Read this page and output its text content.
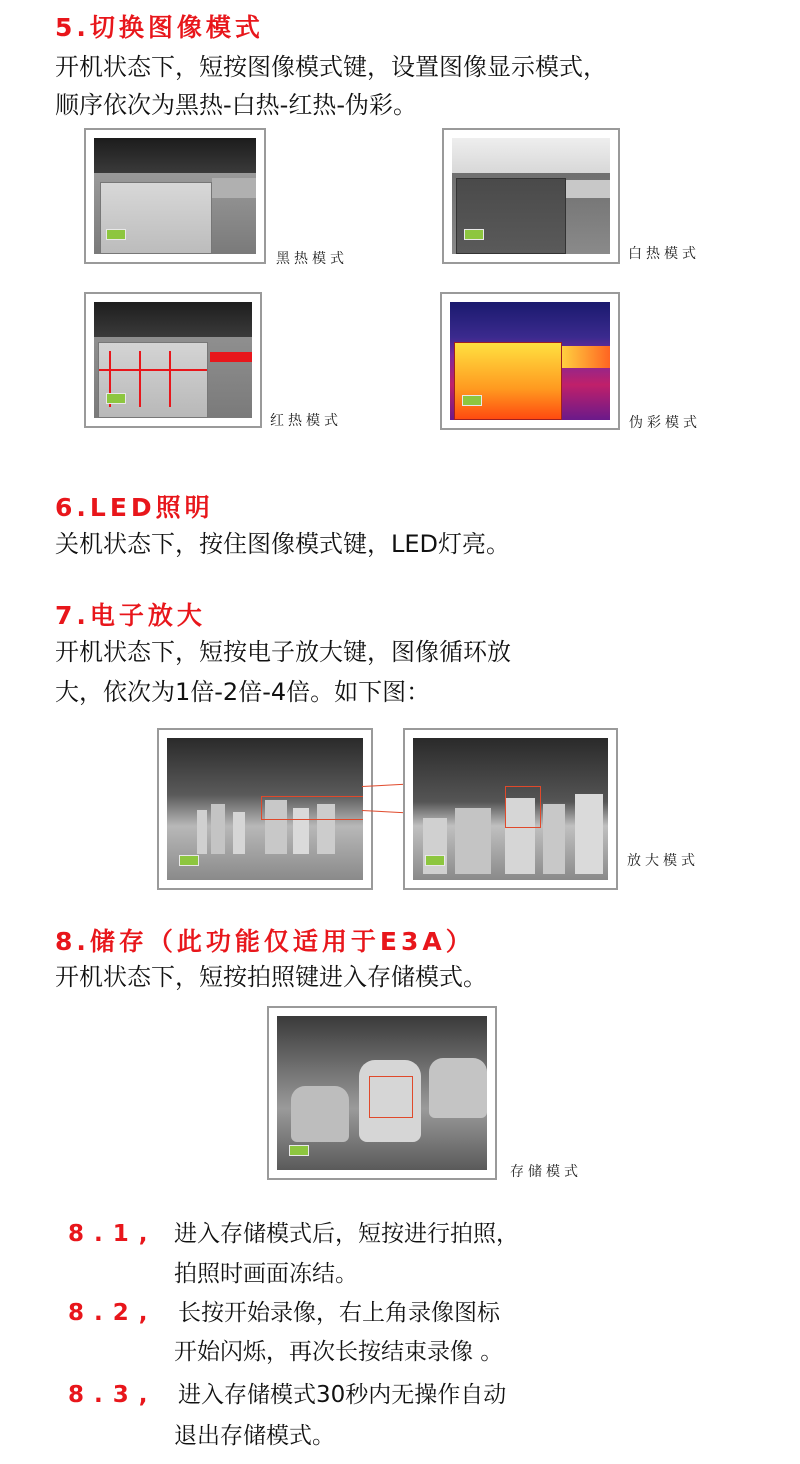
5.切换图像模式
开机状态下，短按图像模式键，设置图像显示模式，
顺序依次为黑热-白热-红热-伪彩。
黑热模式	白热模式
红热模式	伪彩模式
6.LED照明
关机状态下，按住图像模式键，LED灯亮。
7.电子放大
开机状态下，短按电子放大键，图像循环放
大，依次为1倍-2倍-4倍。如下图：
放大模式
8.储存（此功能仅适用于E3A）
开机状态下，短按拍照键进入存储模式。
存储模式
8.1, 进入存储模式后，短按进行拍照，
拍照时画面冻结。
8.2, 长按开始录像，右上角录像图标
开始闪烁，再次长按结束录像 。
8.3, 进入存储模式30秒内无操作自动
退出存储模式。
